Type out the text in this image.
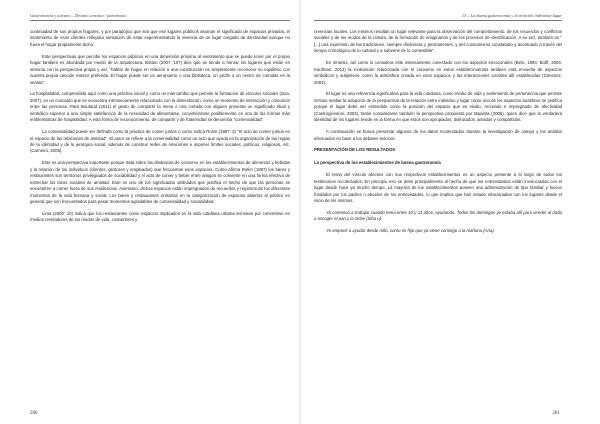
Gastronomía y turismo – Destino cercano / patrimonio

continuidad de sus propios hogares, y por paradójico que sea que ese lugares públicos asuman el significado de espacios privados, el sentimiento de esos clientes reflejaría sensación de estar experimentando la vivencia de un lugar cargado de afectividad aunque no fuera el hogar propiamente dicho.

Este perspectivas que percibe los espacios públicos en una dimensión próxima al sentimiento que se puede tener por el propio hogar también es abordada por medio de la arquitectura. Botton (2007: 107) dice que se tiende a honrar los lugares que están en sintonía con la perspectiva propia y así, "hablar de hogar en relación a una construcción es simplemente reconocer su equilibrio con nuestra propia canción interior preferida. El hogar puede ser un aeropuerto o una biblioteca, un jardín o un centro de comidas en la ventas".

La hospitalidad, comprendida aquí como una práctica social y como un intercambio que permite la formación de vínculos sociales (Issa, 2007), es un concepto que se encuentra intrínsecamente relacionado con la alimentación, como un momento de interacción y comunión entre las personas. Para Boutaud (2011) el gesto de compartir la mesa o una comida con alguien presenta un significado ritual y simbólico superior a una simple satisfacción de la necesidad de alimentarse, convirtiéndose posiblemente en una de las formas más emblemáticas de hospitalidad. A esta forma de reconocimiento, de compartir y de fraternidad se denomina "comensalidad".

La comensalidad puede ser definida como la práctica de comer juntos o como indica Rolim (1997: 3) "el acto de comer juntos en el espacio de las relaciones de amistad". El autor se refiere a la comensalidad como un acto que ayuda en la organización de las reglas de la identidad y de la jerarquía social, además de construir redes de relaciones e imponer límites sociales, políticos, religiosos, etc. (Carneiro, 2005).

Este es una perspectiva importante porque trata sobre las dinámicas de consumo en los establecimientos de alimentos y bebidas y la relación de los individuos (clientes, gestores y empleados) que frecuentan esos espacios. Como afirma Rolim (1997) los bares y restaurantes son territorios privilegiados de sociabilidad y el acto de comer y beber entre amigos se convierte en una forma efectiva de estrechar los lazos sociales de amistad. Este es uno de los significados atribuidos que justifica el hecho de que las personas se encuentren a comer fuera de sus residencias. Asimismo, dichos espacios están impregnados de recuerdos y registros de los diferentes momentos de la vida humana y social. Los bares y restaurantes entrarían en la categorización de espacios abiertos al público en general que son frecuentados para pasar momentos agradables de comensalidad y sociabilidad.

Lima (2000: 10) indica que los restaurantes como espacios implicados en la vida cotidiana urbana terminan por convertirse en medios reveladores de los modos de vida, costumbres y

280
13 – La buena gastronomía y la relación individuo-lugar

creencias locales. Los mismos resultan un lugar relevante para la observación del comportamiento, de los recuerdos y conflictos sociales y de los modos de la cultura, de la formación de imaginarios y de los procesos de identificación. A su vez, también es "[...] una expresión de las tradiciones, siempre dinámicas y permanentes, y del consumismo constatado y acentuado a través del tiempo cronológico de lo cultural y a subvenir de lo comestible".

En síntesis, así como lo considera este intensamente conectado con los aspectos emocionales (Belo, 1994; Botff, 2004; Kaufman, 2012) la motivación relacionada con el consumo en estos establecimientos también está envuelta de aspectos simbólicos y subjetivos, como la atmósfera creada en esos espacios y las interacciones sociales allí establecidas (Gimenez, 2004).

El lugar es una referencia significativa para la vida cotidiana, como medio de vida y sentimiento de pertenencia que permite incluso mediar la adopción de la perspectiva de la relación entre individuo y lugar como uno de los aspectos analíticos se justifica porque el lugar debe ser entendido como la posición del espacio que es vivido, recreado e impregnado de afectividad (Castrogiovanni, 2003). Debe considerarse también la perspectiva propuesta por Bapiista (2006), quien dice que la verdadera identidad de los lugares reside en la forma en que éstos son apropiados, disfrutados, amados y compartidos.

A continuación se busca presentar algunos de los datos recolectados durante la investigación de campo y los análisis efectuados en base a los debates teóricos.

PRESENTACIÓN DE LOS RESULTADOS

La perspectiva de los establecimientos de buena gastronomía

El tema del vínculo afectivo con sus respectivos establecimientos es un aspecto presente a lo largo de todos los testimonios recolectados. En principio eso se debe principalmente al hecho de que los entrevistados están involucrados con el lugar desde hace ya mucho tiempo. La mayoría de los establecimientos poseen una administración de tipo familiar y fueron fundados por los padres o abuelos de los entrevistados, lo que implica que han estado relacionados con los lugares desde el inicio de los mismos.

Yo comencé a trabajar cuando tenía entre 10 y 11 años, ayudando. Todos los domingos yo estaba allí para vender al dado o escoger el pan y la siche (Siba u).

Yo empecé a ayudar desde niño, como mi hijo que ya viene conmigo a la mañana (Ana).

281
